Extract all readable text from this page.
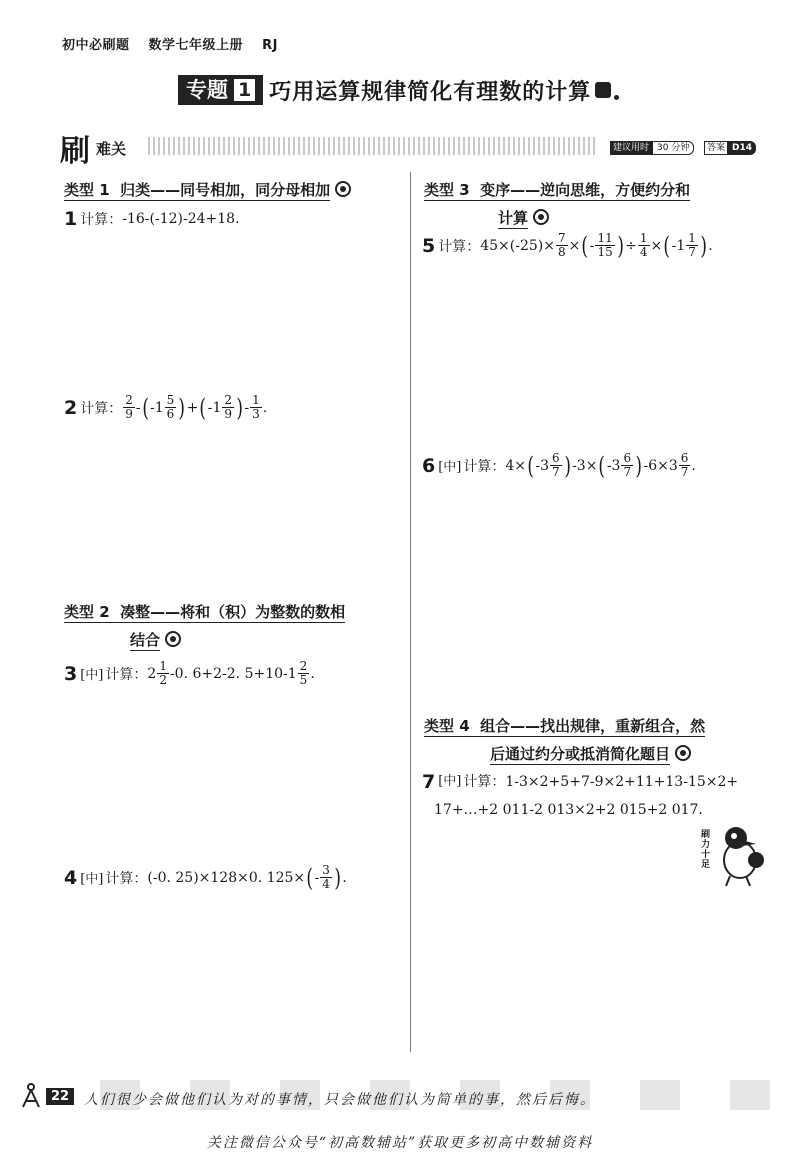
初中必刷题 数学七年级上册 RJ
专题 1 巧用运算规律简化有理数的计算
刷 难关	建议用时 30 分钟	答案 D14
类型 1 归类——同号相加，同分母相加
1 计算： -16-(-12)-24+18.
2 计算： $\frac{2}{9}$ - ( $-1 \frac{5}{6}$ ) + ( $-1 \frac{2}{9}$ ) - $\frac{1}{3}$ .
类型 2 凑整——将和（积）为整数的数相
结合
3 [中] 计算： $2 \frac{1}{2} -0$. 6+2-2. $5+10-1 \frac{2}{5}$ .
4 [中] 计算： (-0. 25)×128×0. 125× ( - $\frac{3}{4}$ ) .
类型 3 变序——逆向思维，方便约分和
计算
5 计算： $45\times(-25)\times \frac{7}{8}$ × ( - $\frac{11}{15}$ ) ÷ $\frac{1}{4}$ × ( $-1 \frac{1}{7}$ ) .
6 [中] 计算： 4× ( $-3 \frac{6}{7}$ ) -3× ( $-3 \frac{6}{7}$ ) $-6\times 3 \frac{6}{7}$ .
类型 4 组合——找出规律，重新组合，然
后通过约分或抵消简化题目
7 [中] 计算： 1-3×2+5+7-9×2+11+13-15×2+
17+…+2 011-2 013×2+2 015+2 017.
刷力十足
22	人们很少会做他们认为对的事情，只会做他们认为简单的事，然后后悔。
关注微信公众号“初高数辅站”获取更多初高中数辅资料
